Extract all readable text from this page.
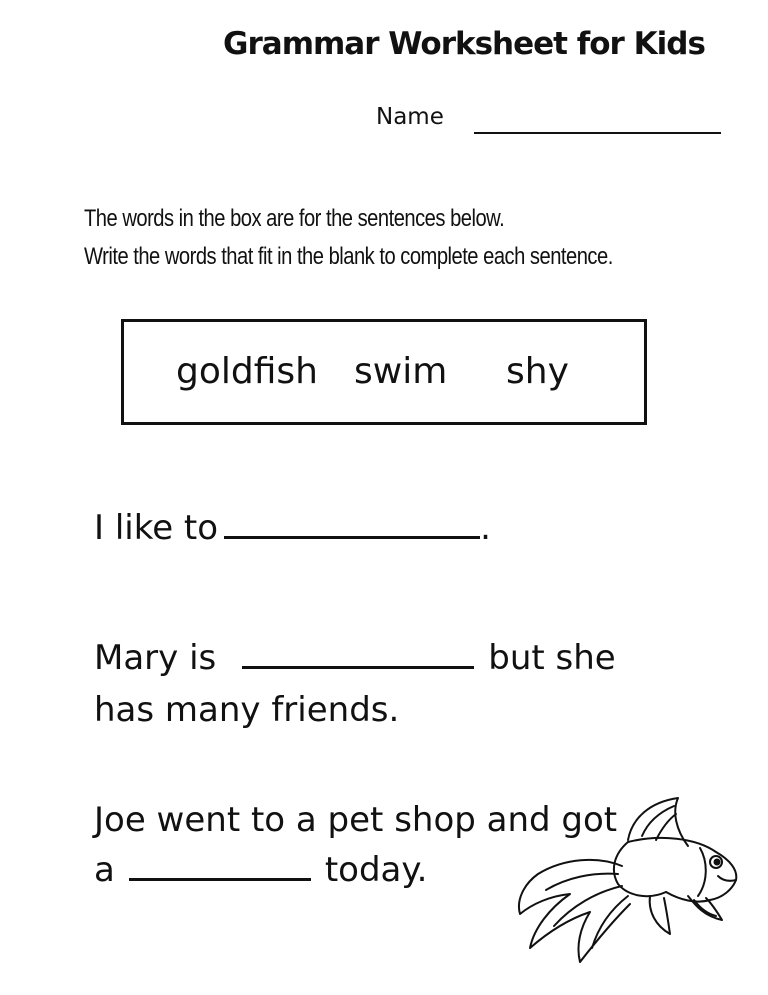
Grammar Worksheet for Kids
Name
The words in the box are for the sentences below.
Write the words that fit in the blank to complete each sentence.
goldfish swim shy
I like to	.
Mary is	but she
has many friends.
Joe went to a pet shop and got
a	today.
